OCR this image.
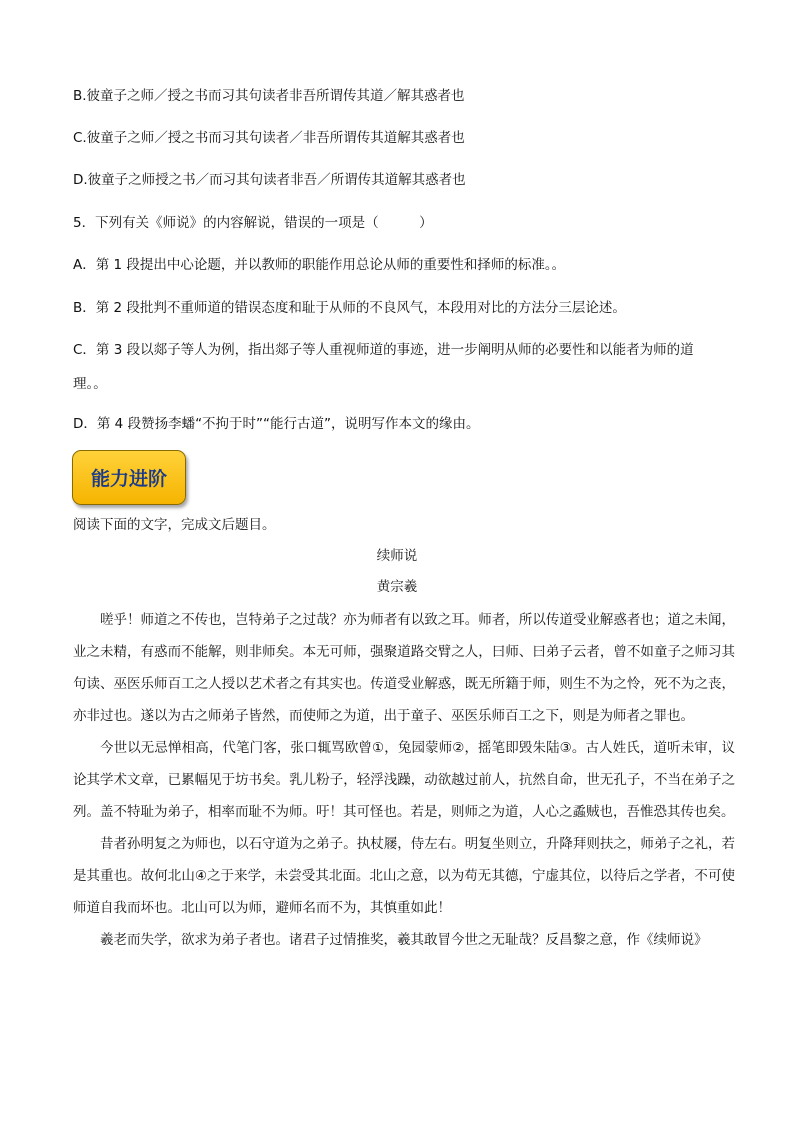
B.彼童子之师／授之书而习其句读者非吾所谓传其道／解其惑者也
C.彼童子之师／授之书而习其句读者／非吾所谓传其道解其惑者也
D.彼童子之师授之书／而习其句读者非吾／所谓传其道解其惑者也
5．下列有关《师说》的内容解说，错误的一项是（　　　）
A．第 1 段提出中心论题，并以教师的职能作用总论从师的重要性和择师的标准。。
B．第 2 段批判不重师道的错误态度和耻于从师的不良风气，本段用对比的方法分三层论述。
C．第 3 段以郯子等人为例，指出郯子等人重视师道的事迹，进一步阐明从师的必要性和以能者为师的道
理。。
D．第 4 段赞扬李蟠“不拘于时”“能行古道”，说明写作本文的缘由。
能力进阶
阅读下面的文字，完成文后题目。
续师说
黄宗羲

嗟乎！师道之不传也，岂特弟子之过哉？亦为师者有以致之耳。师者，所以传道受业解惑者也；道之未闻，业之未精，有惑而不能解，则非师矣。本无可师，强聚道路交臂之人，曰师、曰弟子云者，曾不如童子之师习其句读、巫医乐师百工之人授以艺术者之有其实也。传道受业解惑，既无所籍于师，则生不为之怜，死不为之丧，亦非过也。遂以为古之师弟子皆然，而使师之为道，出于童子、巫医乐师百工之下，则是为师者之罪也。

今世以无忌惮相高，代笔门客，张口辄骂欧曾①，兔园蒙师②，摇笔即毁朱陆③。古人姓氏，道听未审，议论其学术文章，已累幅见于坊书矣。乳儿粉子，轻浮浅躁，动欲越过前人，抗然自命，世无孔子，不当在弟子之列。盖不特耻为弟子，相率而耻不为师。吁！其可怪也。若是，则师之为道，人心之蟊贼也，吾惟恐其传也矣。

昔者孙明复之为师也，以石守道为之弟子。执杖屦，侍左右。明复坐则立，升降拜则扶之，师弟子之礼，若是其重也。故何北山④之于来学，未尝受其北面。北山之意，以为苟无其德，宁虚其位，以待后之学者，不可使师道自我而坏也。北山可以为师，避师名而不为，其慎重如此！

羲老而失学，欲求为弟子者也。诸君子过情推奖，羲其敢冒今世之无耻哉？反昌黎之意，作《续师说》
